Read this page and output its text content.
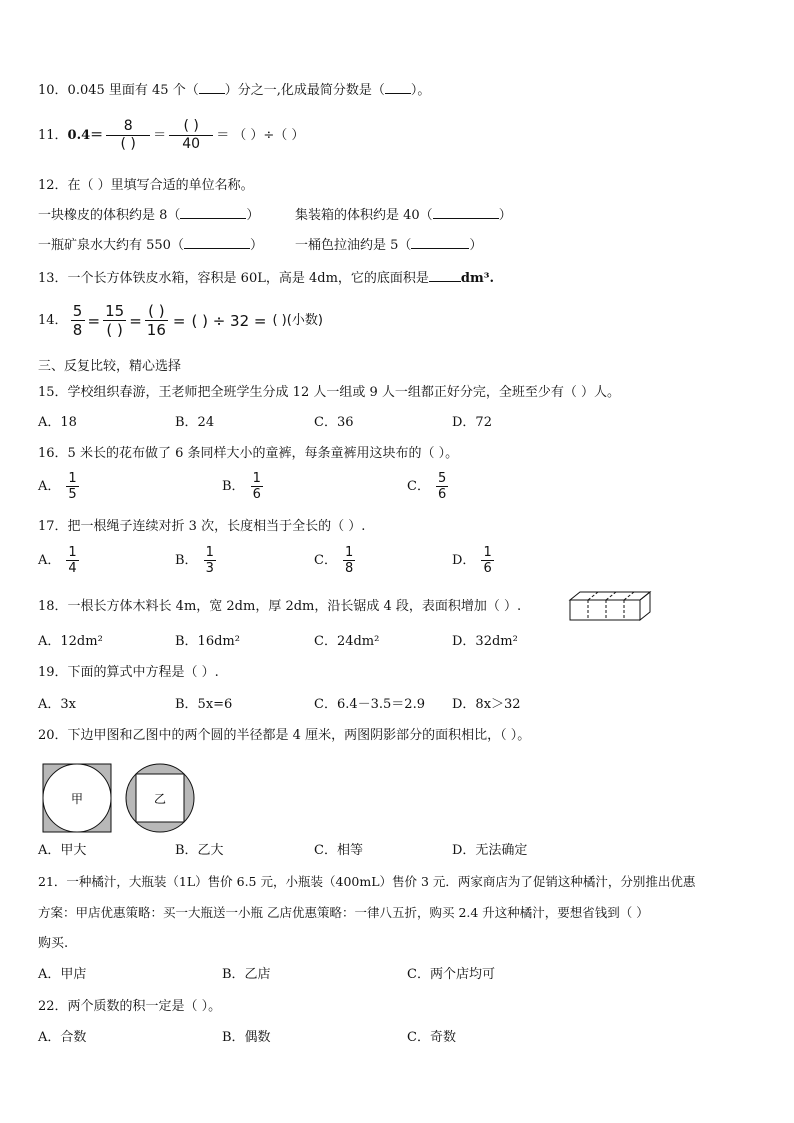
10．0.045 里面有 45 个（ ）分之一,化成最简分数是（ ）。
11． $0.4= \frac{8}{( )} = \frac{( )}{40}$ ＝ （ ）÷（ ）
12．在（ ）里填写合适的单位名称。
一块橡皮的体积约是 8（	）	集装箱的体积约是 40（	）
一瓶矿泉水大约有 550（	） 一桶色拉油约是 5（	）
13．一个长方体铁皮水箱，容积是 60L，高是 4dm，它的底面积是 dm³.
14． $\frac{5}{8} = \frac{15}{( )} = \frac{( )}{16}$ = ( ) ÷ 32 = ( )(小数)
三、反复比较，精心选择
15．学校组织春游，王老师把全班学生分成 12 人一组或 9 人一组都正好分完，全班至少有（ ）人。
A．18	B．24	C．36	D．72
16．5 米长的花布做了 6 条同样大小的童裤，每条童裤用这块布的（ ）。
A． $\frac{1}{5}$	B． $\frac{1}{6}$	C． $\frac{5}{6}$
17．把一根绳子连续对折 3 次，长度相当于全长的（ ）.
A． $\frac{1}{4}$	B． $\frac{1}{3}$	C． $\frac{1}{8}$	D． $\frac{1}{6}$
18．一根长方体木料长 4m，宽 2dm，厚 2dm，沿长锯成 4 段，表面积增加（ ）.
A．12dm²	B．16dm²	C．24dm²	D．32dm²
19．下面的算式中方程是（ ）.
A．3x	B．5x=6	C．6.4－3.5＝2.9 D．8x＞32
20．下边甲图和乙图中的两个圆的半径都是 4 厘米，两图阴影部分的面积相比，（ ）。
甲	乙
A．甲大	B．乙大	C．相等	D．无法确定
21．一种橘汁，大瓶装（1L）售价 6.5 元，小瓶装（400mL）售价 3 元．两家商店为了促销这种橘汁，分别推出优惠
方案：甲店优惠策略：买一大瓶送一小瓶 乙店优惠策略：一律八五折，购买 2.4 升这种橘汁，要想省钱到（ ）
购买.
A．甲店	B．乙店	C．两个店均可
22．两个质数的积一定是（ ）。
A．合数	B．偶数	C．奇数
